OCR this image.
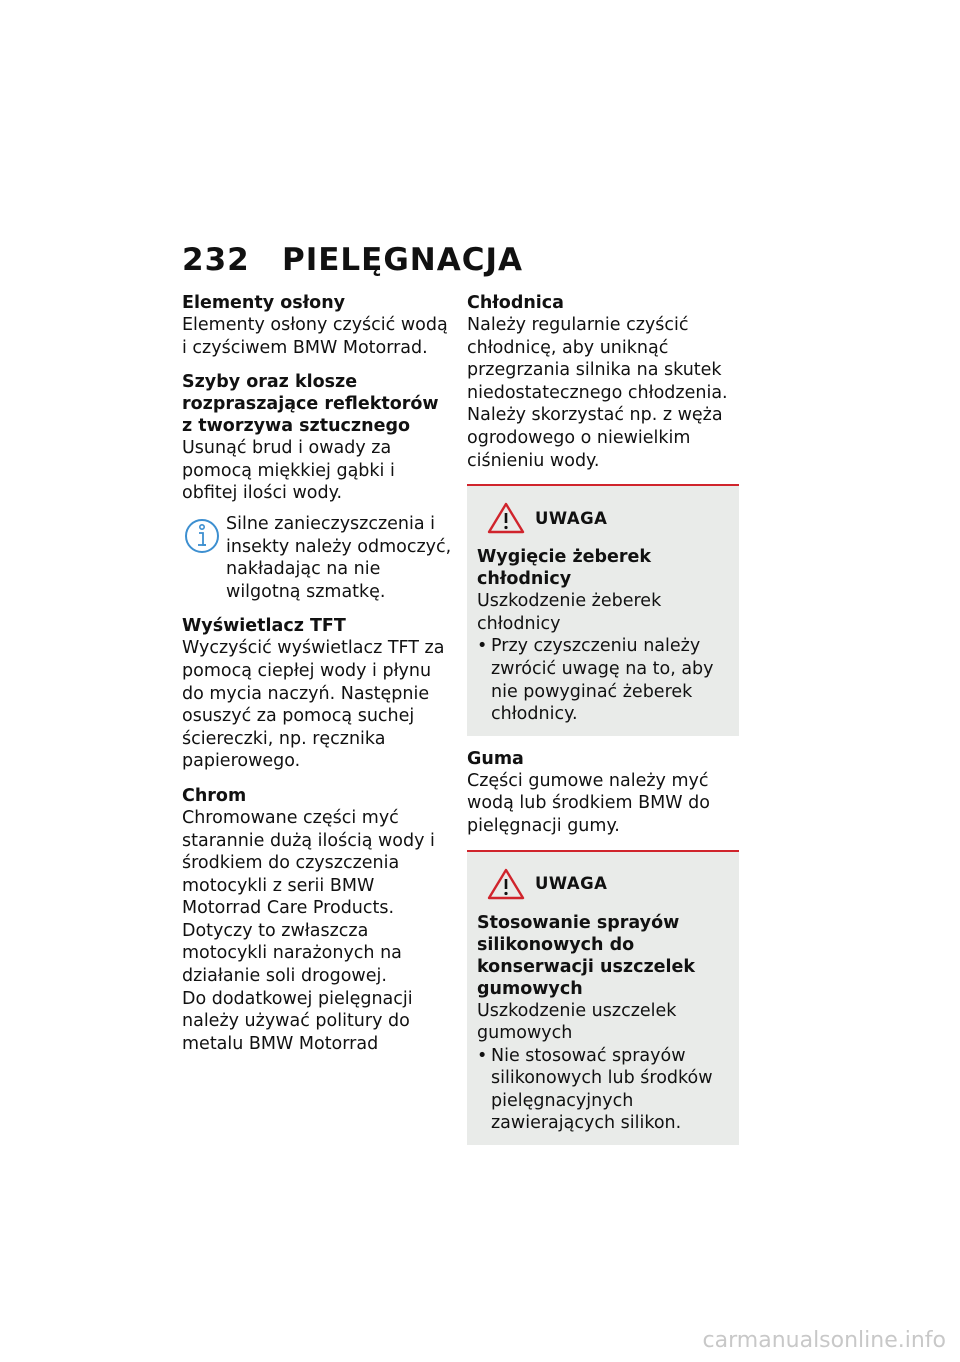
232 PIELĘGNACJA

Elementy osłony

Elementy osłony czyścić wodą i czyściwem BMW Motorrad.

Szyby oraz klosze rozpraszające reflektorów z tworzywa sztucznego

Usunąć brud i owady za pomocą miękkiej gąbki i obfitej ilości wody.

Silne zanieczyszczenia i insekty należy odmoczyć, nakładając na nie wilgotną szmatkę.

Wyświetlacz TFT

Wyczyścić wyświetlacz TFT za pomocą ciepłej wody i płynu do mycia naczyń. Następnie osuszyć za pomocą suchej ściereczki, np. ręcznika papierowego.

Chrom

Chromowane części myć starannie dużą ilością wody i środkiem do czyszczenia motocykli z serii BMW Motorrad Care Products. Dotyczy to zwłaszcza motocykli narażonych na działanie soli drogowej.

Do dodatkowej pielęgnacji należy używać politury do metalu BMW Motorrad

Chłodnica

Należy regularnie czyścić chłodnicę, aby uniknąć przegrzania silnika na skutek niedostatecznego chłodzenia.

Należy skorzystać np. z węża ogrodowego o niewielkim ciśnieniu wody.

UWAGA

Wygięcie żeberek chłodnicy

Uszkodzenie żeberek chłodnicy

• Przy czyszczeniu należy zwrócić uwagę na to, aby nie powyginać żeberek chłodnicy.

Guma

Części gumowe należy myć wodą lub środkiem BMW do pielęgnacji gumy.

UWAGA

Stosowanie sprayów silikonowych do konserwacji uszczelek gumowych

Uszkodzenie uszczelek gumowych

• Nie stosować sprayów silikonowych lub środków pielęgnacyjnych zawierających silikon.

carmanualsonline.info
